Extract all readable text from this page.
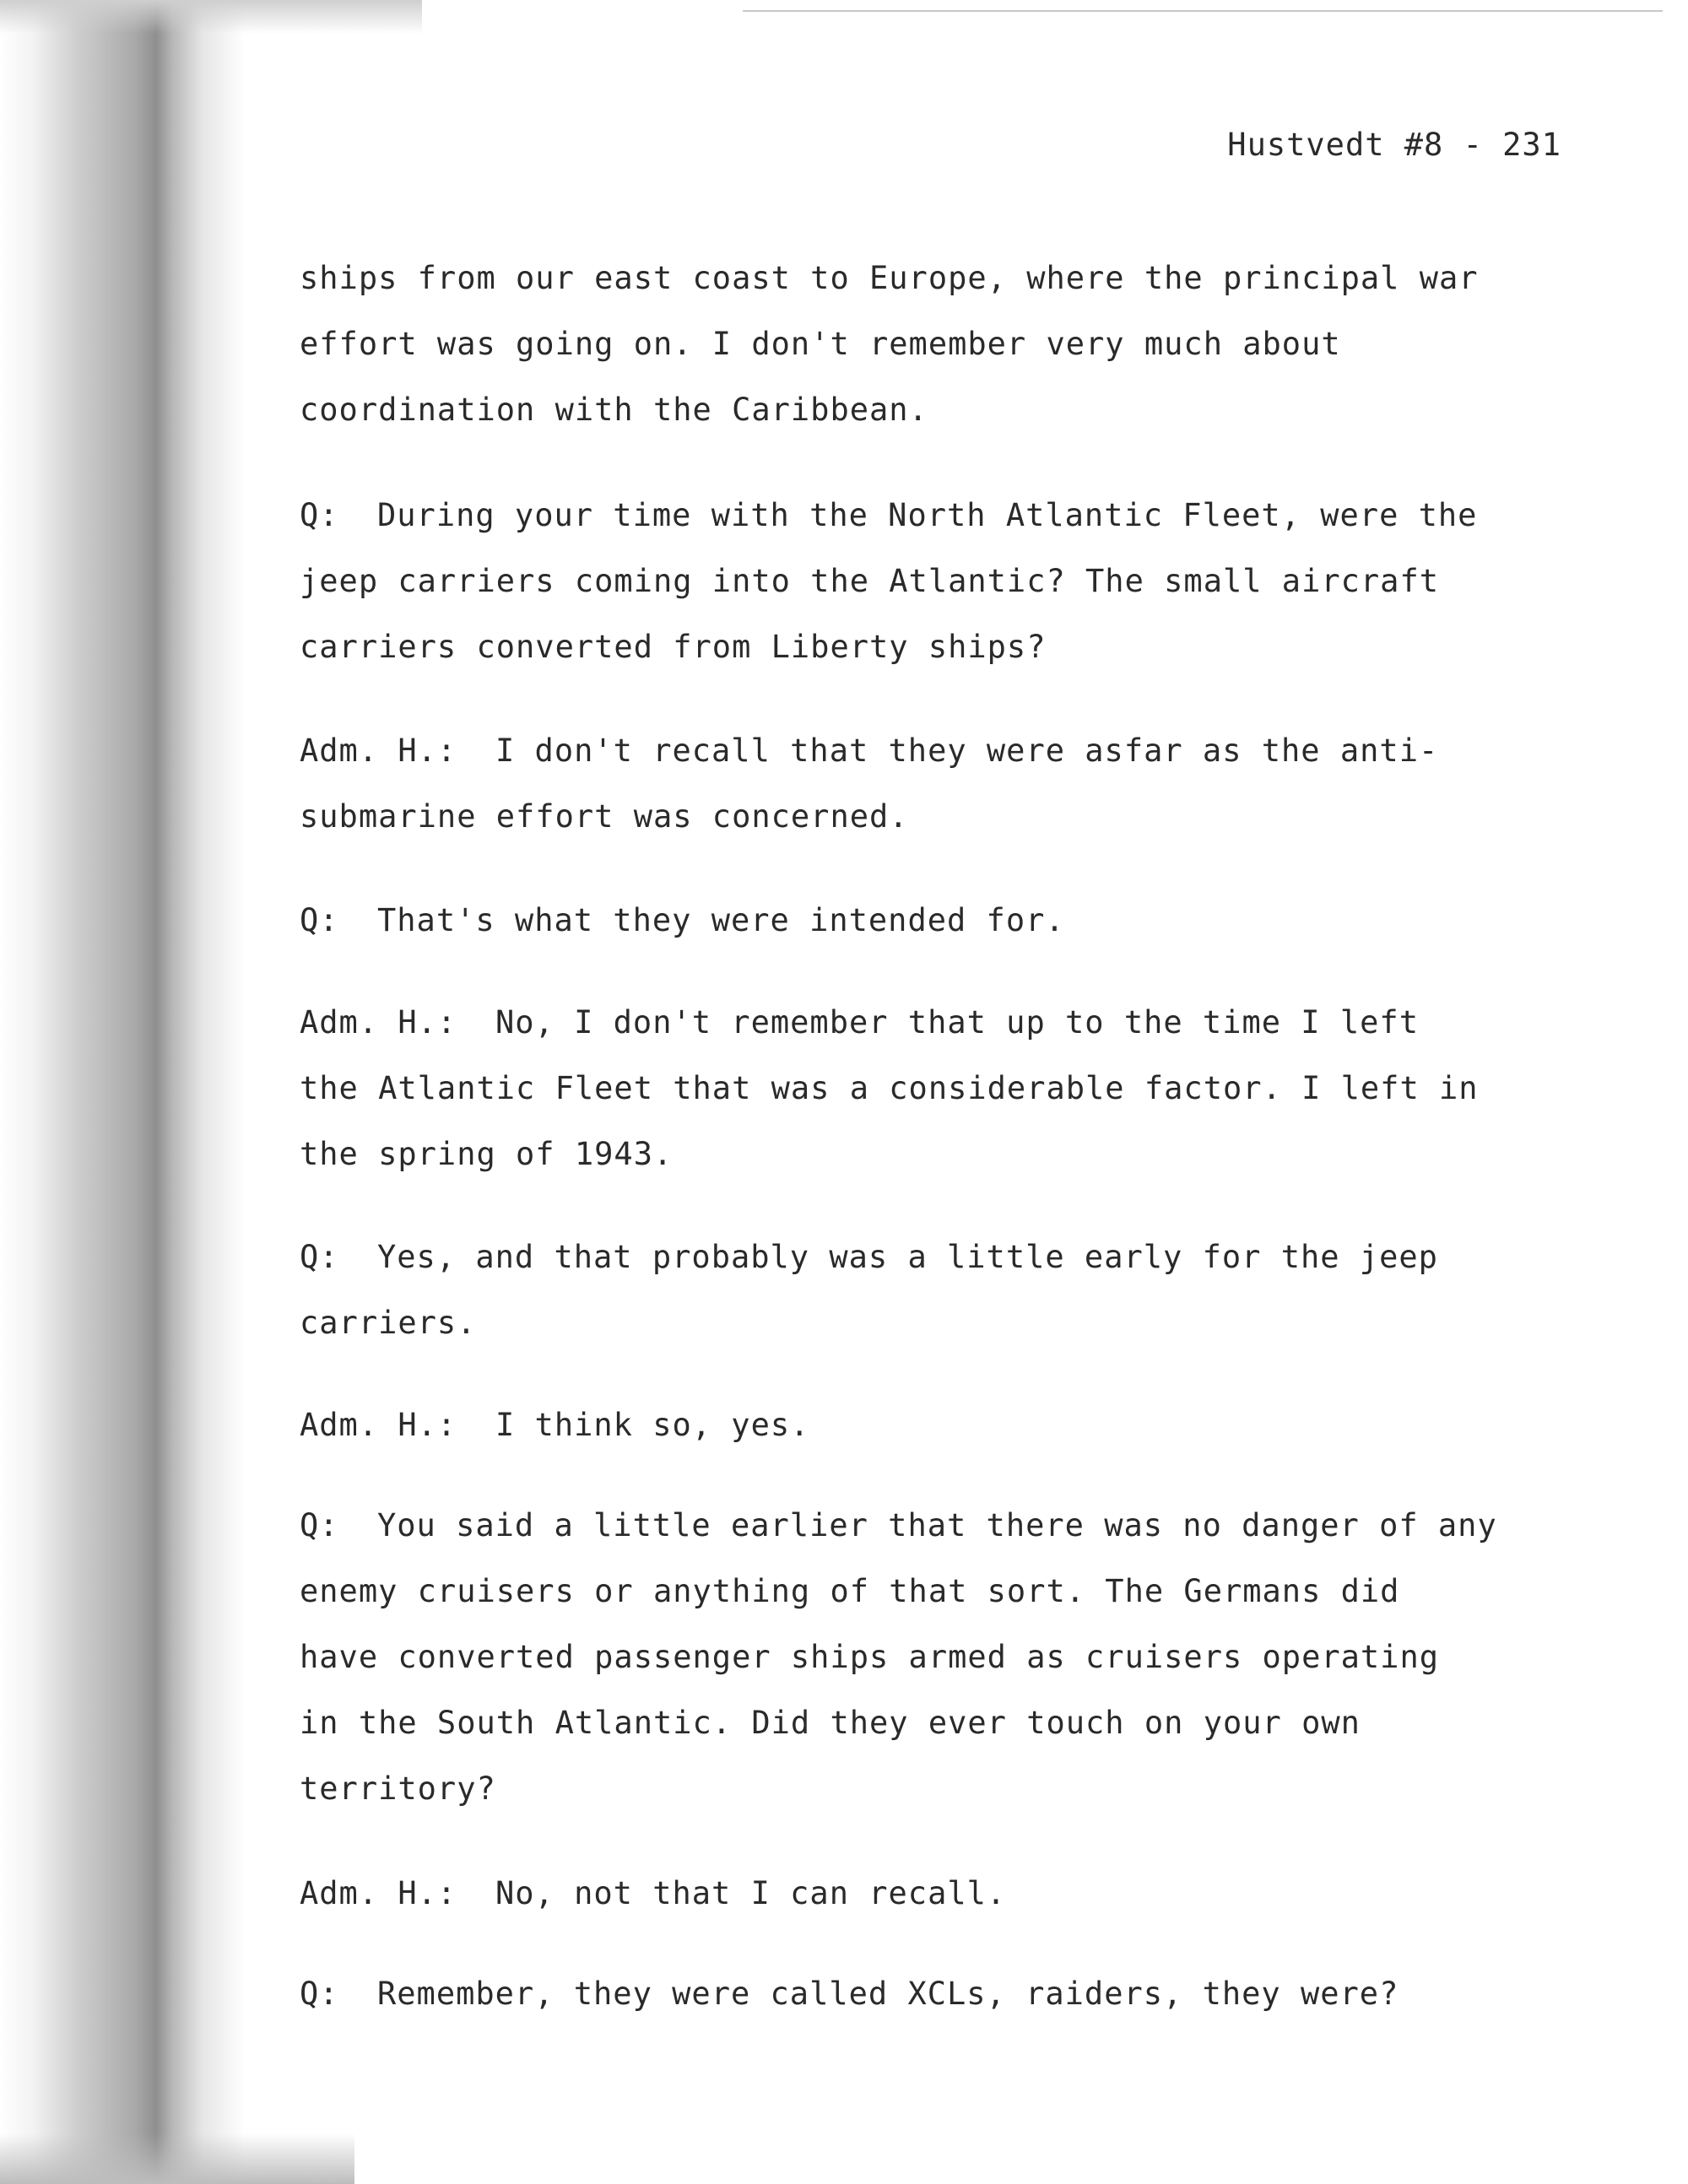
Hustvedt #8 - 231
ships from our east coast to Europe, where the principal war
effort was going on. I don't remember very much about
coordination with the Caribbean.
Q: During your time with the North Atlantic Fleet, were the
jeep carriers coming into the Atlantic? The small aircraft
carriers converted from Liberty ships?
Adm. H.: I don't recall that they were asfar as the anti-
submarine effort was concerned.
Q: That's what they were intended for.
Adm. H.: No, I don't remember that up to the time I left
the Atlantic Fleet that was a considerable factor. I left in
the spring of 1943.
Q: Yes, and that probably was a little early for the jeep
carriers.
Adm. H.: I think so, yes.
Q: You said a little earlier that there was no danger of any
enemy cruisers or anything of that sort. The Germans did
have converted passenger ships armed as cruisers operating
in the South Atlantic. Did they ever touch on your own
territory?
Adm. H.: No, not that I can recall.
Q: Remember, they were called XCLs, raiders, they were?
